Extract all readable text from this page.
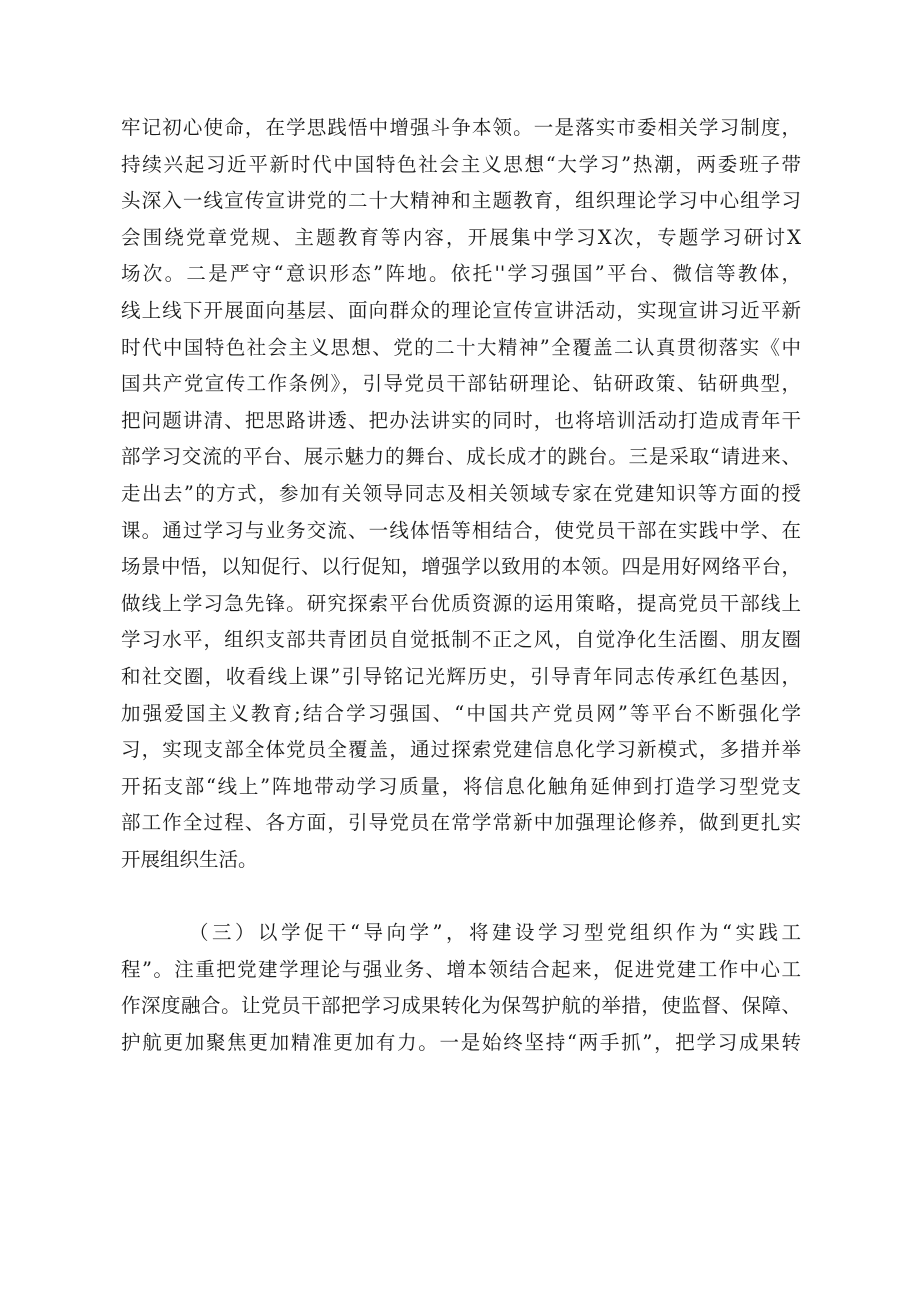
牢记初心使命，在学思践悟中增强斗争本领。一是落实市委相关学习制度，
持续兴起习近平新时代中国特色社会主义思想“大学习”热潮，两委班子带
头深入一线宣传宣讲党的二十大精神和主题教育，组织理论学习中心组学习
会围绕党章党规、主题教育等内容，开展集中学习X次，专题学习研讨X
场次。二是严守“意识形态”阵地。依托''学习强国”平台、微信等教体，
线上线下开展面向基层、面向群众的理论宣传宣讲活动，实现宣讲习近平新
时代中国特色社会主义思想、党的二十大精神”全覆盖二认真贯彻落实《中
国共产党宣传工作条例》，引导党员干部钻研理论、钻研政策、钻研典型，
把问题讲清、把思路讲透、把办法讲实的同时，也将培训活动打造成青年干
部学习交流的平台、展示魅力的舞台、成长成才的跳台。三是采取“请进来、
走出去”的方式，参加有关领导同志及相关领域专家在党建知识等方面的授
课。通过学习与业务交流、一线体悟等相结合，使党员干部在实践中学、在
场景中悟，以知促行、以行促知，增强学以致用的本领。四是用好网络平台，
做线上学习急先锋。研究探索平台优质资源的运用策略，提高党员干部线上
学习水平，组织支部共青团员自觉抵制不正之风，自觉净化生活圈、朋友圈
和社交圈，收看线上课”引导铭记光辉历史，引导青年同志传承红色基因，
加强爱国主义教育;结合学习强国、“中国共产党员网”等平台不断强化学
习，实现支部全体党员全覆盖，通过探索党建信息化学习新模式，多措并举
开拓支部“线上”阵地带动学习质量，将信息化触角延伸到打造学习型党支
部工作全过程、各方面，引导党员在常学常新中加强理论修养，做到更扎实
开展组织生活。
（三）以学促干“导向学”，将建设学习型党组织作为“实践工
程”。注重把党建学理论与强业务、增本领结合起来，促进党建工作中心工
作深度融合。让党员干部把学习成果转化为保驾护航的举措，使监督、保障、
护航更加聚焦更加精准更加有力。一是始终坚持“两手抓”，把学习成果转
